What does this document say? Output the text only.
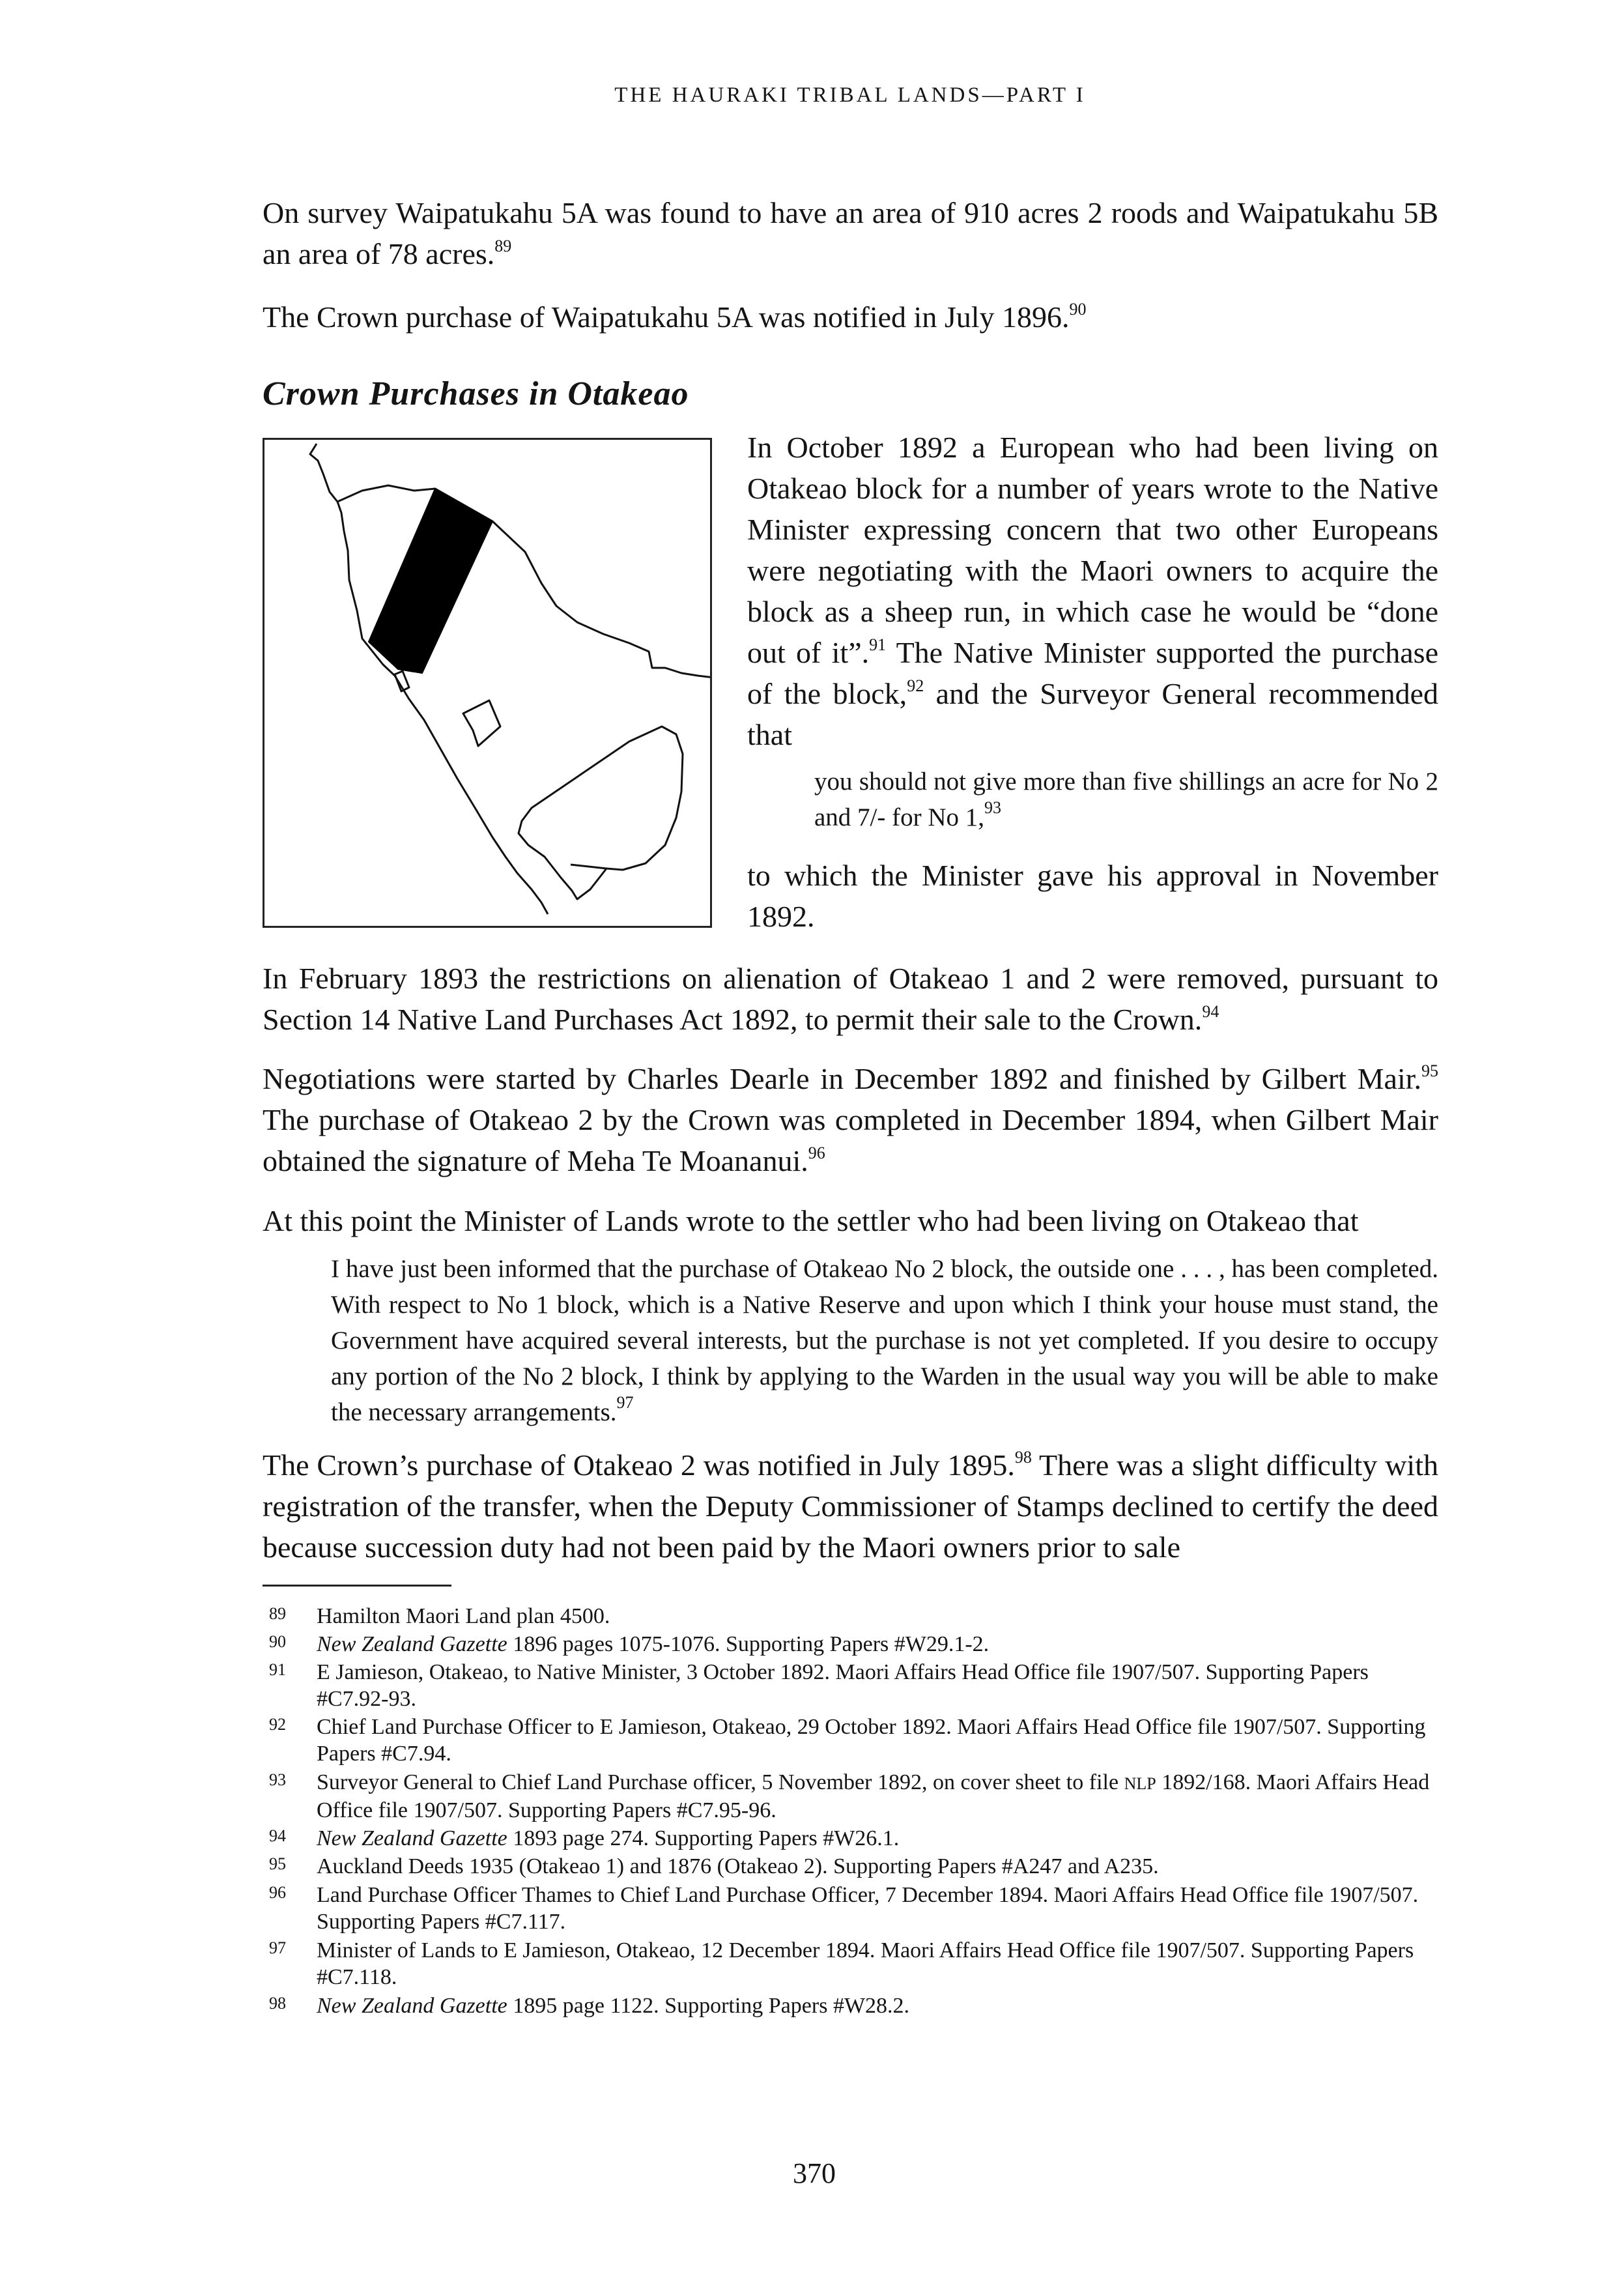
THE HAURAKI TRIBAL LANDS—PART I

On survey Waipatukahu 5A was found to have an area of 910 acres 2 roods and Waipatukahu 5B an area of 78 acres.$^{89}$

The Crown purchase of Waipatukahu 5A was notified in July 1896.90

Crown Purchases in Otakeao

In October 1892 a European who had been living on Otakeao block for a number of years wrote to the Native Minister expressing concern that two other Europeans were negotiating with the Maori owners to acquire the block as a sheep run, in which case he would be “done out of it”.$^{91}$ The Native Minister supported the purchase of the block,$^{92}$ and the Surveyor General recommended that

you should not give more than five shillings an acre for No 2 and 7/- for No 1,93

to which the Minister gave his approval in November 1892.

In February 1893 the restrictions on alienation of Otakeao 1 and 2 were removed, pursuant to Section 14 Native Land Purchases Act 1892, to permit their sale to the Crown.$^{94}$

Negotiations were started by Charles Dearle in December 1892 and finished by Gilbert Mair.$^{95}$ The purchase of Otakeao 2 by the Crown was completed in December 1894, when Gilbert Mair obtained the signature of Meha Te Moananui.$^{96}$

At this point the Minister of Lands wrote to the settler who had been living on Otakeao that

I have just been informed that the purchase of Otakeao No 2 block, the outside one . . . , has been completed. With respect to No 1 block, which is a Native Reserve and upon which I think your house must stand, the Government have acquired several interests, but the purchase is not yet completed. If you desire to occupy any portion of the No 2 block, I think by applying to the Warden in the usual way you will be able to make the necessary arrangements.$^{97}$

The Crown’s purchase of Otakeao 2 was notified in July 1895.98 There was a slight difficulty with registration of the transfer, when the Deputy Commissioner of Stamps declined to certify the deed because succession duty had not been paid by the Maori owners prior to sale

89 Hamilton Maori Land plan 4500.
90 New Zealand Gazette 1896 pages 1075-1076. Supporting Papers #W29.1-2.
91 E Jamieson, Otakeao, to Native Minister, 3 October 1892. Maori Affairs Head Office file 1907/507. Supporting Papers #C7.92-93.
92 Chief Land Purchase Officer to E Jamieson, Otakeao, 29 October 1892. Maori Affairs Head Office file 1907/507. Supporting Papers #C7.94.
93 Surveyor General to Chief Land Purchase officer, 5 November 1892, on cover sheet to file NLP 1892/168. Maori Affairs Head Office file 1907/507. Supporting Papers #C7.95-96.
94 New Zealand Gazette 1893 page 274. Supporting Papers #W26.1.
95 Auckland Deeds 1935 (Otakeao 1) and 1876 (Otakeao 2). Supporting Papers #A247 and A235.
96 Land Purchase Officer Thames to Chief Land Purchase Officer, 7 December 1894. Maori Affairs Head Office file 1907/507. Supporting Papers #C7.117.
97 Minister of Lands to E Jamieson, Otakeao, 12 December 1894. Maori Affairs Head Office file 1907/507. Supporting Papers #C7.118.
98 New Zealand Gazette 1895 page 1122. Supporting Papers #W28.2.
370
